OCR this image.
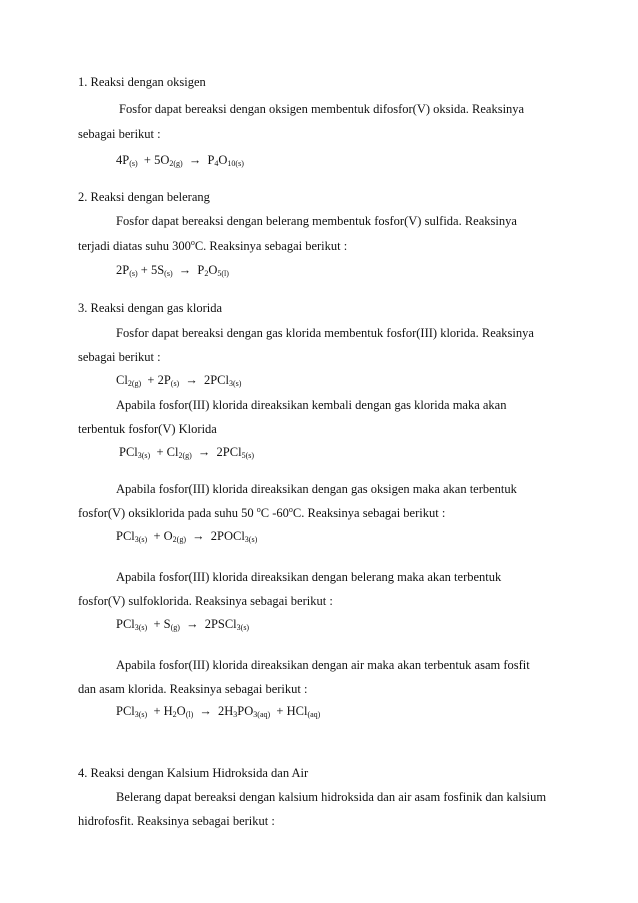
1. Reaksi dengan oksigen
Fosfor dapat bereaksi dengan oksigen membentuk difosfor(V) oksida. Reaksinya
sebagai berikut :
$4P_{(s)} + 5O_{2(g)} \to P_4O_{10(s)}$
2. Reaksi dengan belerang
Fosfor dapat bereaksi dengan belerang membentuk fosfor(V) sulfida. Reaksinya
terjadi diatas suhu 300$^o$C. Reaksinya sebagai berikut :
$2P_{(s)} + 5S_{(s)} \to P_2O_{5(l)}$
3. Reaksi dengan gas klorida
Fosfor dapat bereaksi dengan gas klorida membentuk fosfor(III) klorida. Reaksinya
sebagai berikut :
$Cl_{2(g)} + 2P_{(s)} \to 2PCl_{3(s)}$
Apabila fosfor(III) klorida direaksikan kembali dengan gas klorida maka akan
terbentuk fosfor(V) Klorida
$PCl_{3(s)} + Cl_{2(g)} \to 2PCl_{5(s)}$
Apabila fosfor(III) klorida direaksikan dengan gas oksigen maka akan terbentuk
fosfor(V) oksiklorida pada suhu 50 $^o$C -60$^o$C. Reaksinya sebagai berikut :
$PCl_{3(s)} + O_{2(g)}$ → 2POCl$_{3(s)}$
Apabila fosfor(III) klorida direaksikan dengan belerang maka akan terbentuk
fosfor(V) sulfoklorida. Reaksinya sebagai berikut :
$PCl_{3(s)} + S_{(g)}$ → 2PSCl$_{3(s)}$
Apabila fosfor(III) klorida direaksikan dengan air maka akan terbentuk asam fosfit
dan asam klorida. Reaksinya sebagai berikut :
$PCl_{3(s)} + H_2O_{(l)} \to 2H_3PO_{3(aq)} + HCl_{(aq)}$
4. Reaksi dengan Kalsium Hidroksida dan Air
Belerang dapat bereaksi dengan kalsium hidroksida dan air asam fosfinik dan kalsium
hidrofosfit. Reaksinya sebagai berikut :
